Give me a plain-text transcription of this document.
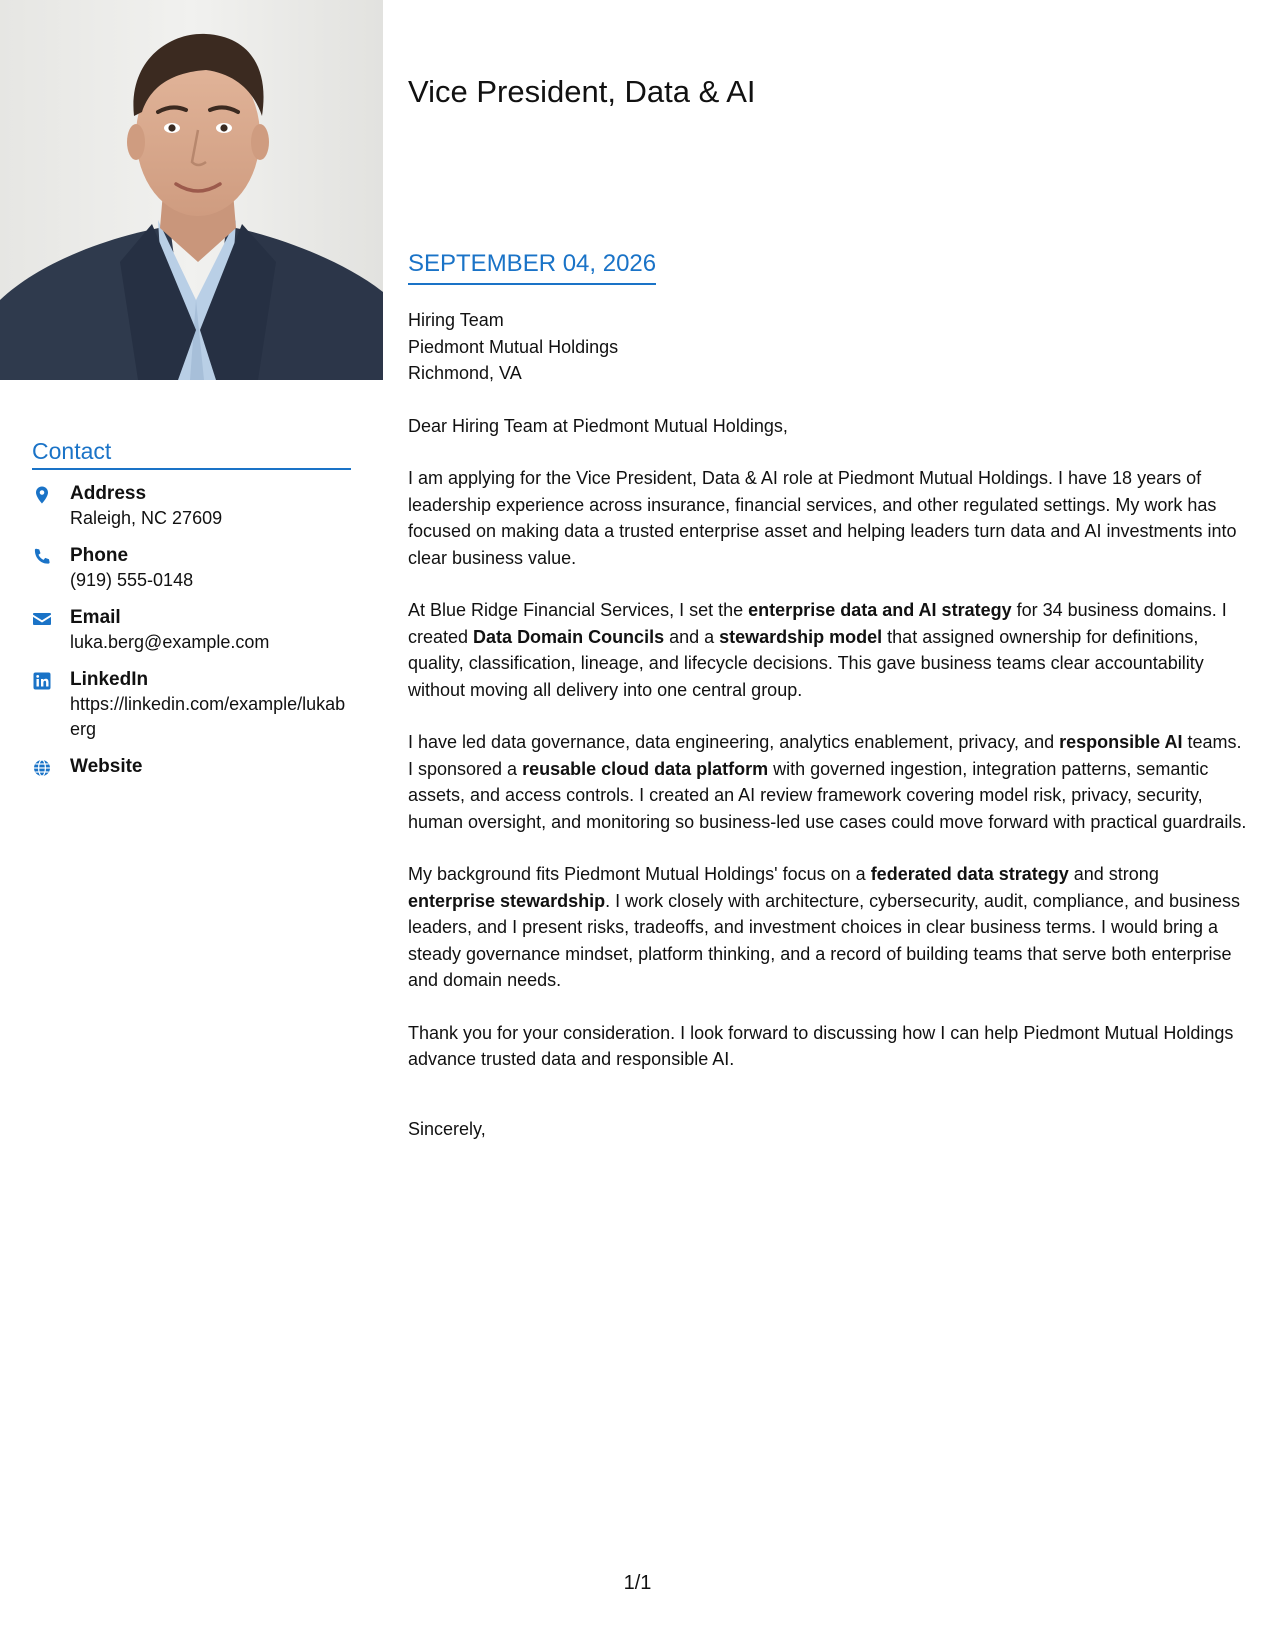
Contact
Address
Raleigh, NC 27609
Phone
(919) 555-0148
Email
luka.berg@example.com
LinkedIn
https://linkedin.com/example/lukaberg
Website
Vice President, Data & AI
SEPTEMBER 04, 2026

Hiring Team

Piedmont Mutual Holdings

Richmond, VA

Dear Hiring Team at Piedmont Mutual Holdings,

I am applying for the Vice President, Data & AI role at Piedmont Mutual Holdings. I have 18 years of leadership experience across insurance, financial services, and other regulated settings. My work has focused on making data a trusted enterprise asset and helping leaders turn data and AI investments into clear business value.

At Blue Ridge Financial Services, I set the enterprise data and AI strategy for 34 business domains. I created Data Domain Councils and a stewardship model that assigned ownership for definitions, quality, classification, lineage, and lifecycle decisions. This gave business teams clear accountability without moving all delivery into one central group.

I have led data governance, data engineering, analytics enablement, privacy, and responsible AI teams. I sponsored a reusable cloud data platform with governed ingestion, integration patterns, semantic assets, and access controls. I created an AI review framework covering model risk, privacy, security, human oversight, and monitoring so business-led use cases could move forward with practical guardrails.

My background fits Piedmont Mutual Holdings' focus on a federated data strategy and strong enterprise stewardship. I work closely with architecture, cybersecurity, audit, compliance, and business leaders, and I present risks, tradeoffs, and investment choices in clear business terms. I would bring a steady governance mindset, platform thinking, and a record of building teams that serve both enterprise and domain needs.

Thank you for your consideration. I look forward to discussing how I can help Piedmont Mutual Holdings advance trusted data and responsible AI.

Sincerely,

1/1
